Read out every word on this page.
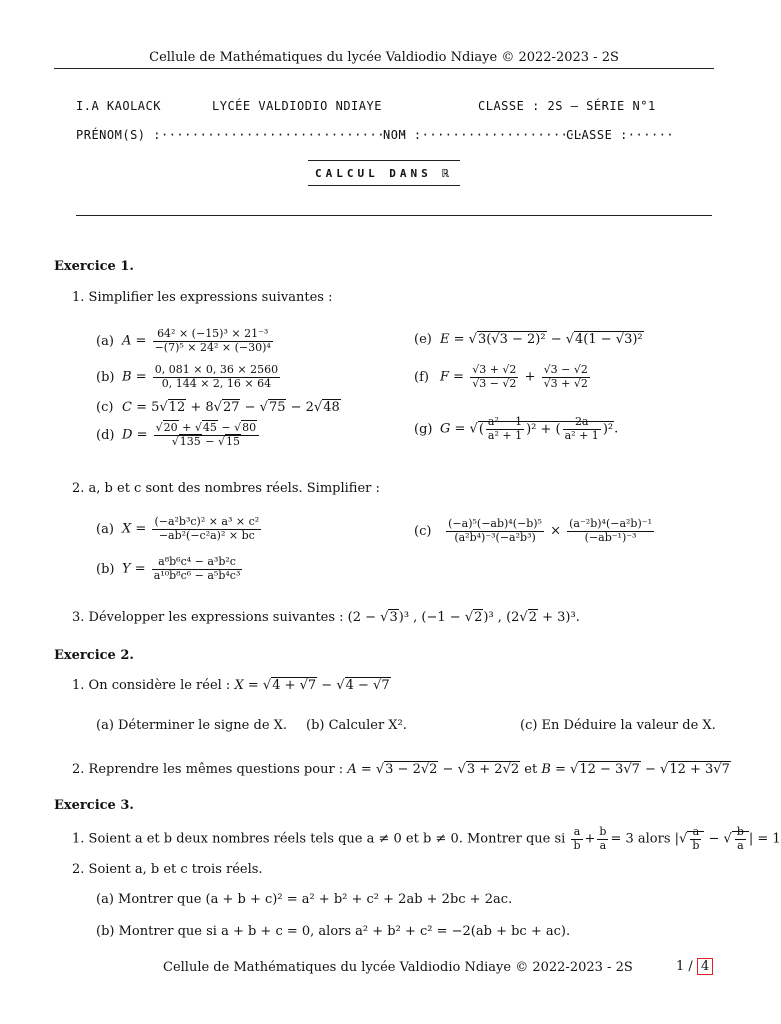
Cellule de Mathématiques du lycée Valdiodio Ndiaye © 2022-2023 - 2S
I.A KAOLACK	LYCÉE VALDIODIO NDIAYE	CLASSE : 2S – SÉRIE N°1
PRÉNOM(S) :································
NOM :·····················
CLASSE :······
CALCUL DANS ℝ
Exercice 1.
1. Simplifier les expressions suivantes :
(a) $A = \frac{\text{64² × (−15)³ × 21⁻³}}{\text{−(7)⁵ × 24² × (−30)⁴}}$
(b) $B = \frac{0, 081 \times 0, 36 \times 2560}{0, 144 \times 2, 16 \times 64}$
(c) C = 5√12 + 8√27 − √75 − 2√48
(d) $D = \frac{√20 + √45 - √80}{√135 - √15}$
(e) E = √3(√3 − 2)² − √4(1 − √3)²
(f) $F = \frac{√3 + √2}{√3 - √2} + \frac{√3 - √2}{√3 + √2}$
(g) G = √( $\frac{\text{a² − 1}}{\text{a² + 1}} )^2$ + ( $\frac{2a}{\text{a² + 1}} )^2$.
2. a, b et c sont des nombres réels. Simplifier :
(a) $X = \frac{\text{(−a²b³c)² × a³ × c²}}{\text{−ab²(−c²a)² × bc}}$
(b) $Y = \frac{\text{a⁸b⁶c⁴ − a³b²c}}{\text{a¹⁰b⁸c⁶ − a⁵b⁴c³}}$
$(c) \frac{\text{(−a)⁵(−ab)⁴(−b)⁵}}{\text{(a²b⁴)⁻³(−a²b³)}} \times \frac{\text{(a⁻²b)⁴(−a²b)⁻¹}}{\text{(−ab⁻¹)⁻³}}$
3. Développer les expressions suivantes : (2 − √3)³ , (−1 − √2)³ , (2√2 + 3)³.
Exercice 2.
1. On considère le réel : X = √4 + √7 − √4 − √7
(a) Déterminer le signe de X. (b) Calculer X².	(c) En Déduire la valeur de X.
2. Reprendre les mêmes questions pour : A = √3 − 2√2 − √3 + 2√2 et B = √12 − 3√7 − √12 + 3√7
Exercice 3.
1. Soient a et b deux nombres réels tels que a ≠ 0 et b ≠ 0. Montrer que si $\frac{a}{b} + \frac{b}{a} = 3$ alors |√ $\frac{a}{b}$ − √ $\frac{b}{a}$ | = 1
2. Soient a, b et c trois réels.
(a) Montrer que (a + b + c)² = a² + b² + c² + 2ab + 2bc + 2ac.
(b) Montrer que si a + b + c = 0, alors a² + b² + c² = −2(ab + bc + ac).
Cellule de Mathématiques du lycée Valdiodio Ndiaye © 2022-2023 - 2S	1 / 4
